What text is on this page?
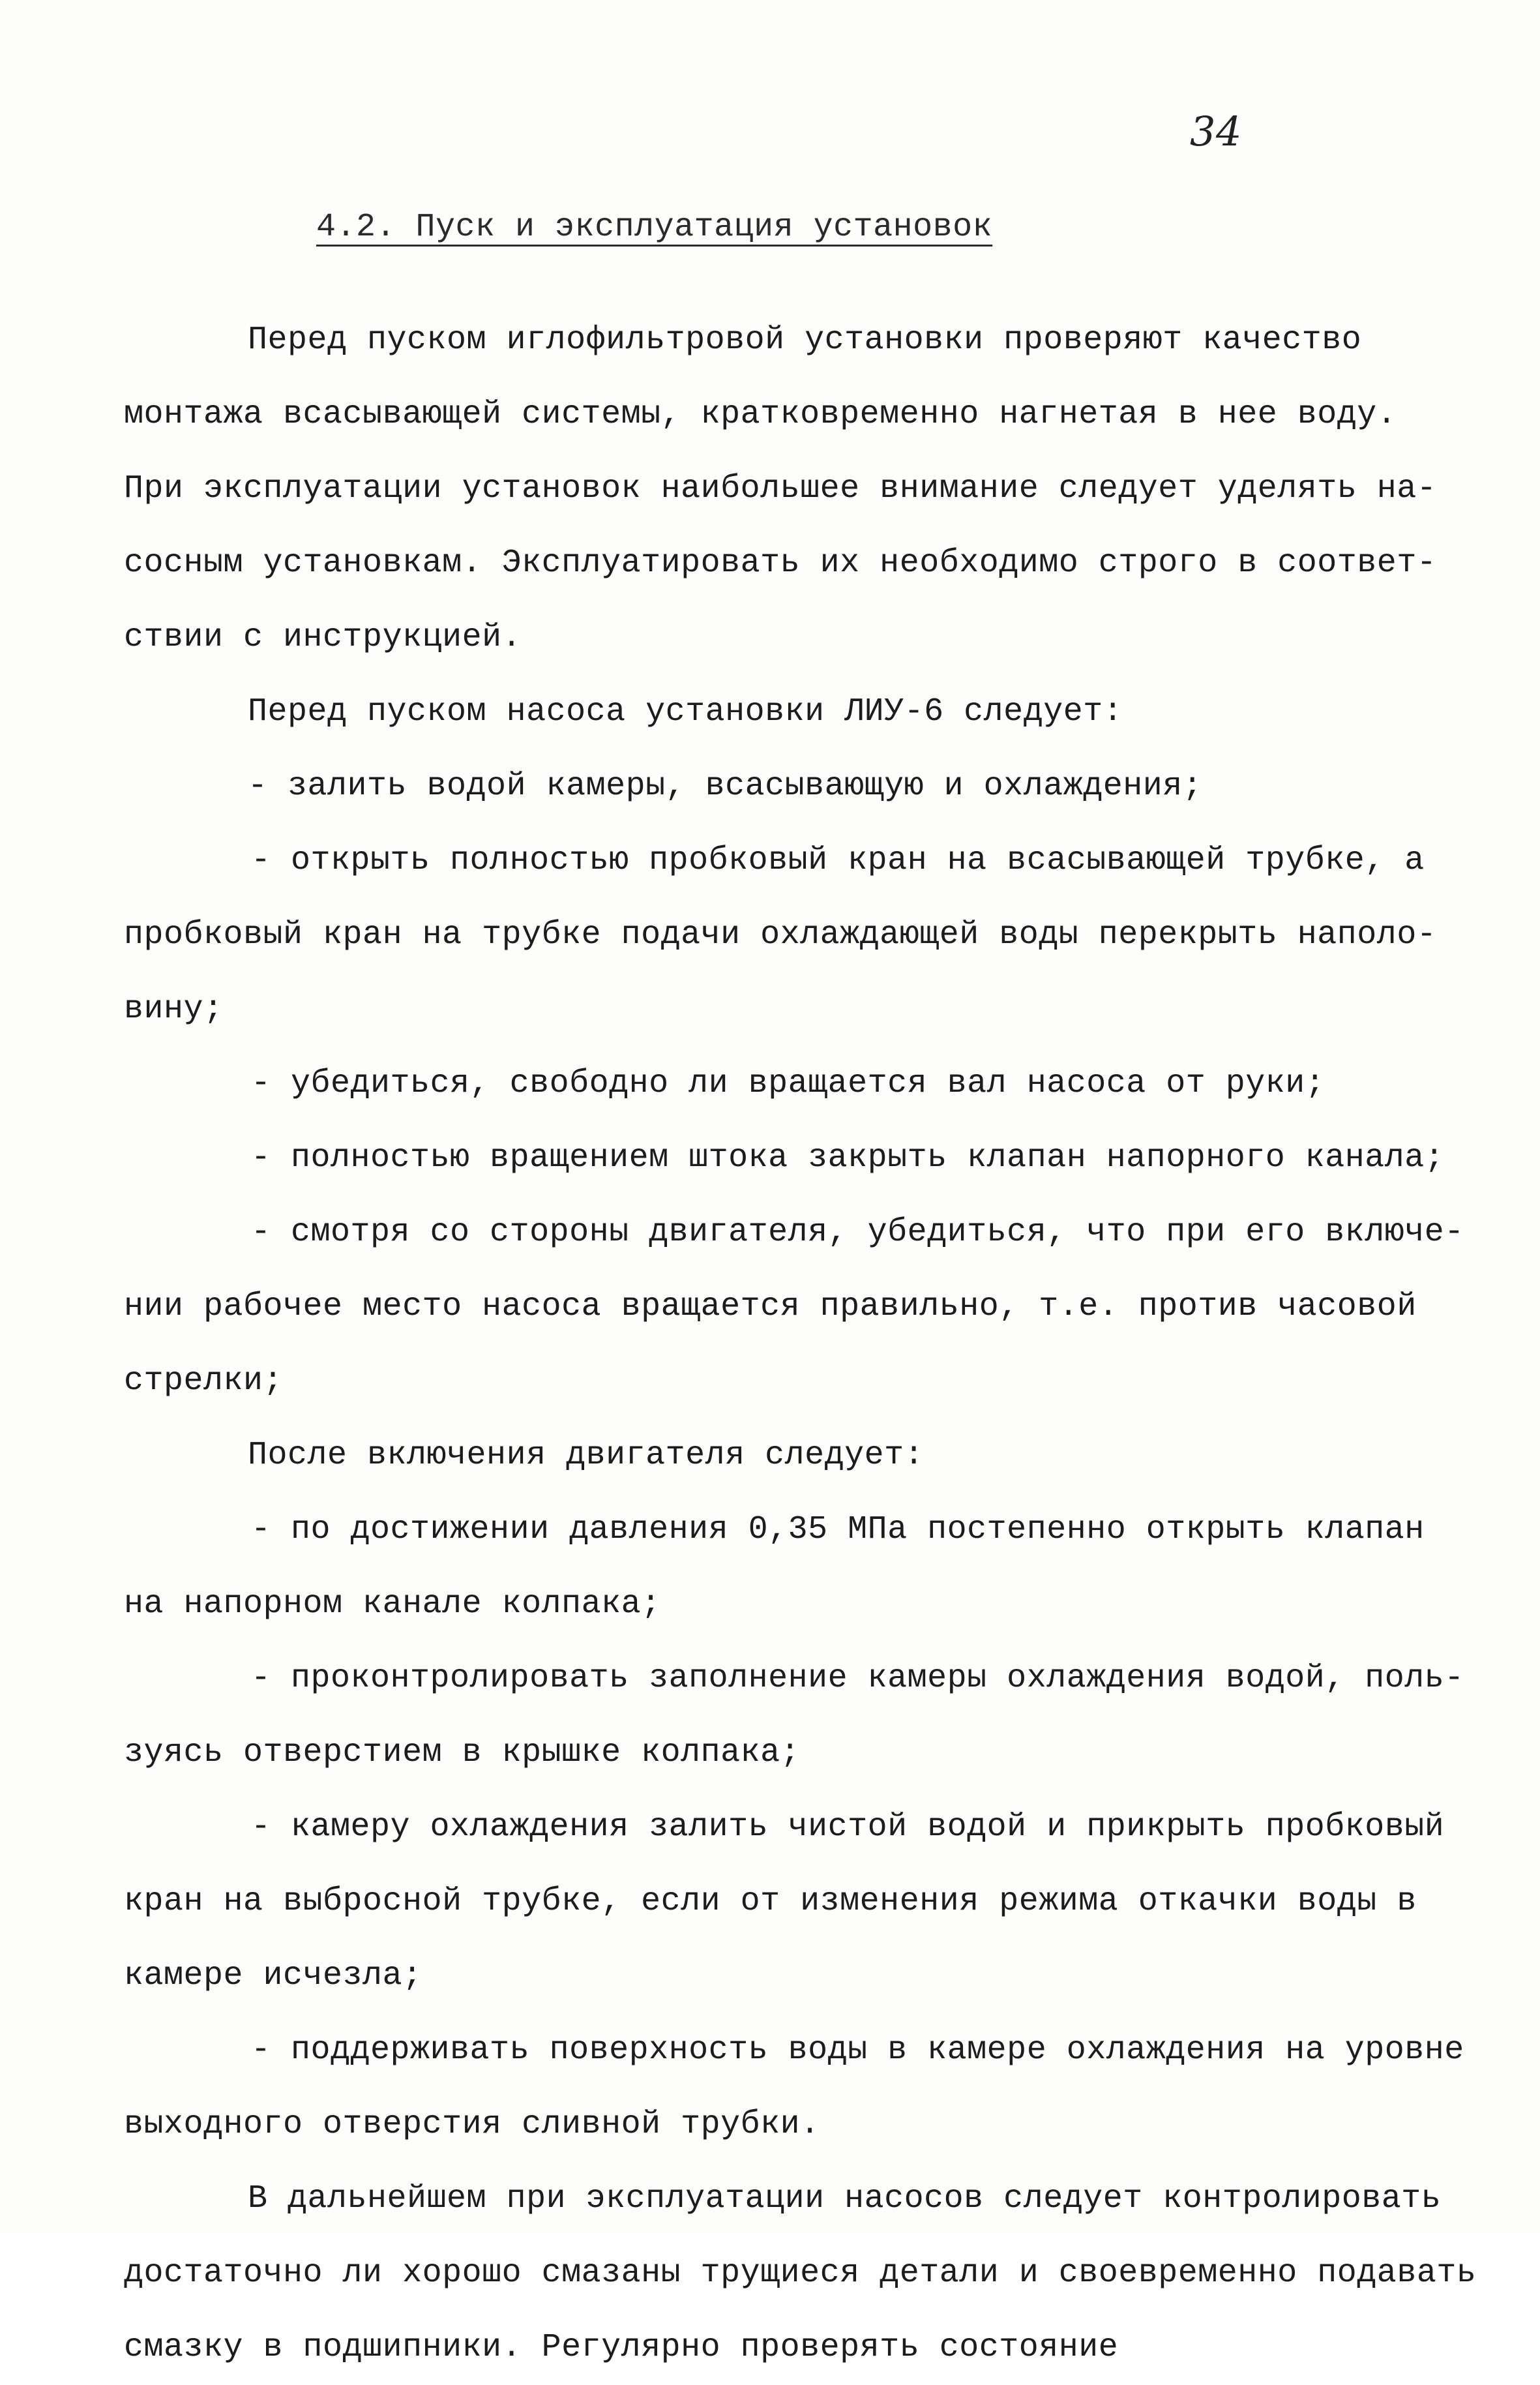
34
4.2. Пуск и эксплуатация установок
Перед пуском иглофильтровой установки проверяют качество
монтажа всасывающей системы, кратковременно нагнетая в нее воду.
При эксплуатации установок наибольшее внимание следует уделять на-
сосным установкам. Эксплуатировать их необходимо строго в соответ-
ствии с инструкцией.
Перед пуском насоса установки ЛИУ-6 следует:
- залить водой камеры, всасывающую и охлаждения;
- открыть полностью пробковый кран на всасывающей трубке, а
пробковый кран на трубке подачи охлаждающей воды перекрыть наполо-
вину;
- убедиться, свободно ли вращается вал насоса от руки;
- полностью вращением штока закрыть клапан напорного канала;
- смотря со стороны двигателя, убедиться, что при его включе-
нии рабочее место насоса вращается правильно, т.е. против часовой
стрелки;
После включения двигателя следует:
- по достижении давления 0,35 МПа постепенно открыть клапан
на напорном канале колпака;
- проконтролировать заполнение камеры охлаждения водой, поль-
зуясь отверстием в крышке колпака;
- камеру охлаждения залить чистой водой и прикрыть пробковый
кран на выбросной трубке, если от изменения режима откачки воды в
камере исчезла;
- поддерживать поверхность воды в камере охлаждения на уровне
выходного отверстия сливной трубки.
В дальнейшем при эксплуатации насосов следует контролировать
достаточно ли хорошо смазаны трущиеся детали и своевременно подавать
смазку в подшипники. Регулярно проверять состояние
